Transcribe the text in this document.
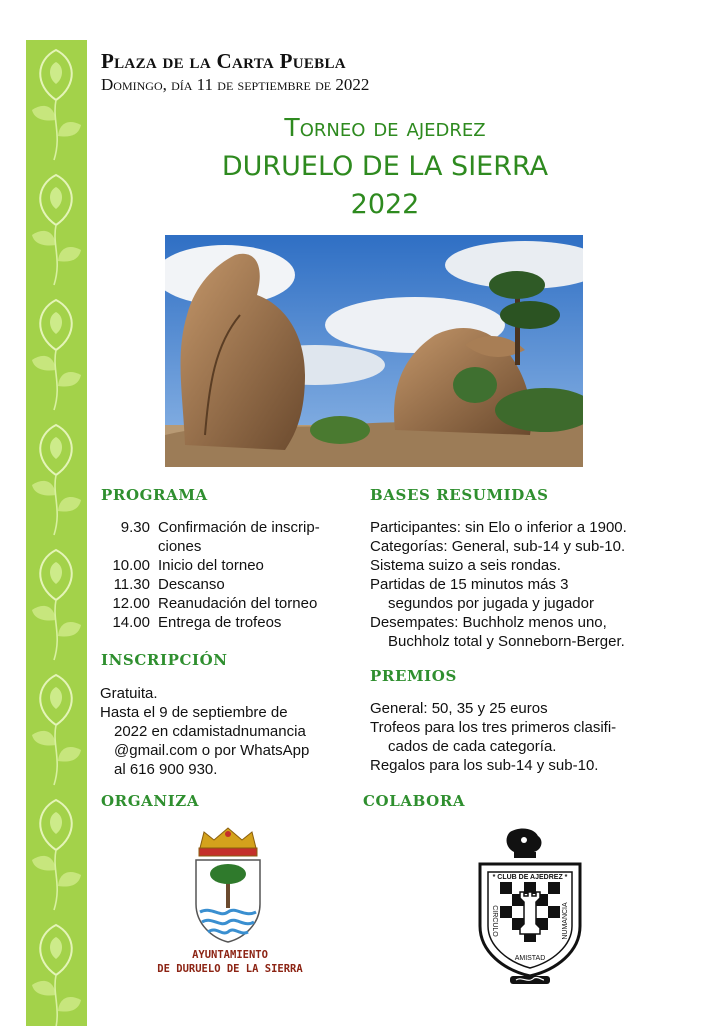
Plaza de la Carta Puebla
Domingo, día 11 de septiembre de 2022
Torneo de ajedrez
DURUELO DE LA SIERRA
2022
PROGRAMA
9.30 Confirmación de inscrip-
ciones
10.00 Inicio del torneo
11.30 Descanso
12.00 Reanudación del torneo
14.00 Entrega de trofeos
INSCRIPCIÓN
Gratuita.
Hasta el 9 de septiembre de
2022 en cdamistadnumancia
@gmail.com o por WhatsApp
al 616 900 930.
BASES RESUMIDAS
Participantes: sin Elo o inferior a 1900.
Categorías: General, sub-14 y sub-10.
Sistema suizo a seis rondas.
Partidas de 15 minutos más 3
segundos por jugada y jugador
Desempates: Buchholz menos uno,
Buchholz total y Sonneborn-Berger.
PREMIOS
General: 50, 35 y 25 euros
Trofeos para los tres primeros clasifi-
cados de cada categoría.
Regalos para los sub-14 y sub-10.
ORGANIZA	COLABORA
AYUNTAMIENTO
DE DURUELO DE LA SIERRA
* CLUB DE AJEDREZ *
CIRCULO	NUMANCIA
AMISTAD
